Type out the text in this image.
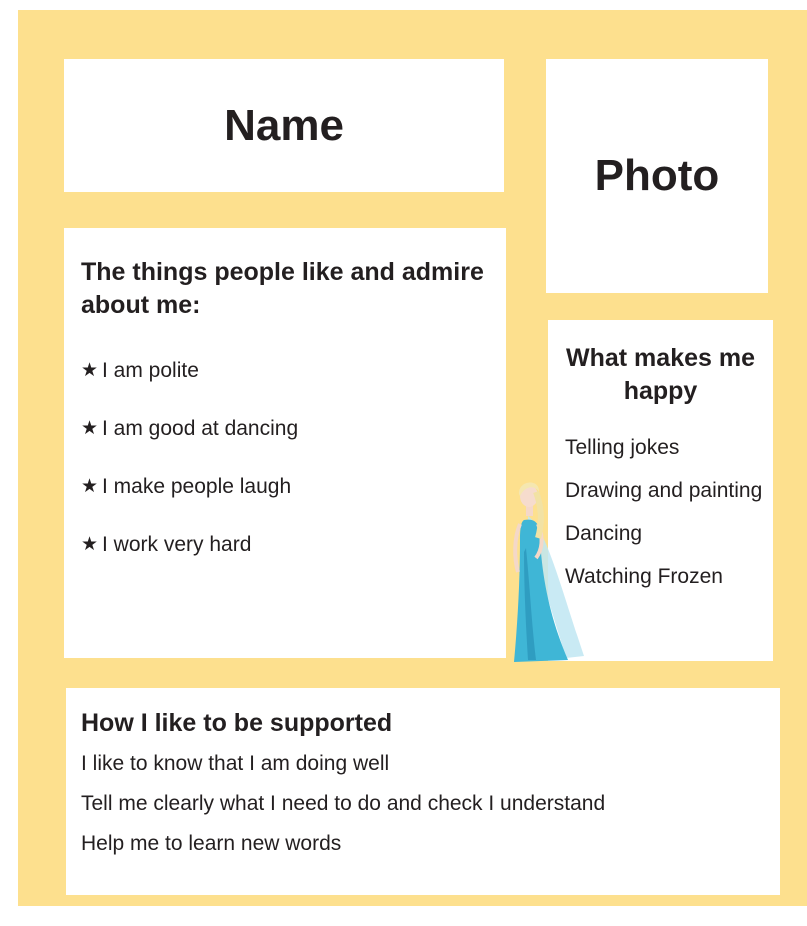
Name
Photo
The things people like and admire about me:
★ I am polite
★ I am good at dancing
★ I make people laugh
★ I work very hard
What makes me happy
Telling jokes
Drawing and painting
Dancing
Watching Frozen
How I like to be supported
I like to know that I am doing well
Tell me clearly what I need to do and check I understand
Help me to learn new words
